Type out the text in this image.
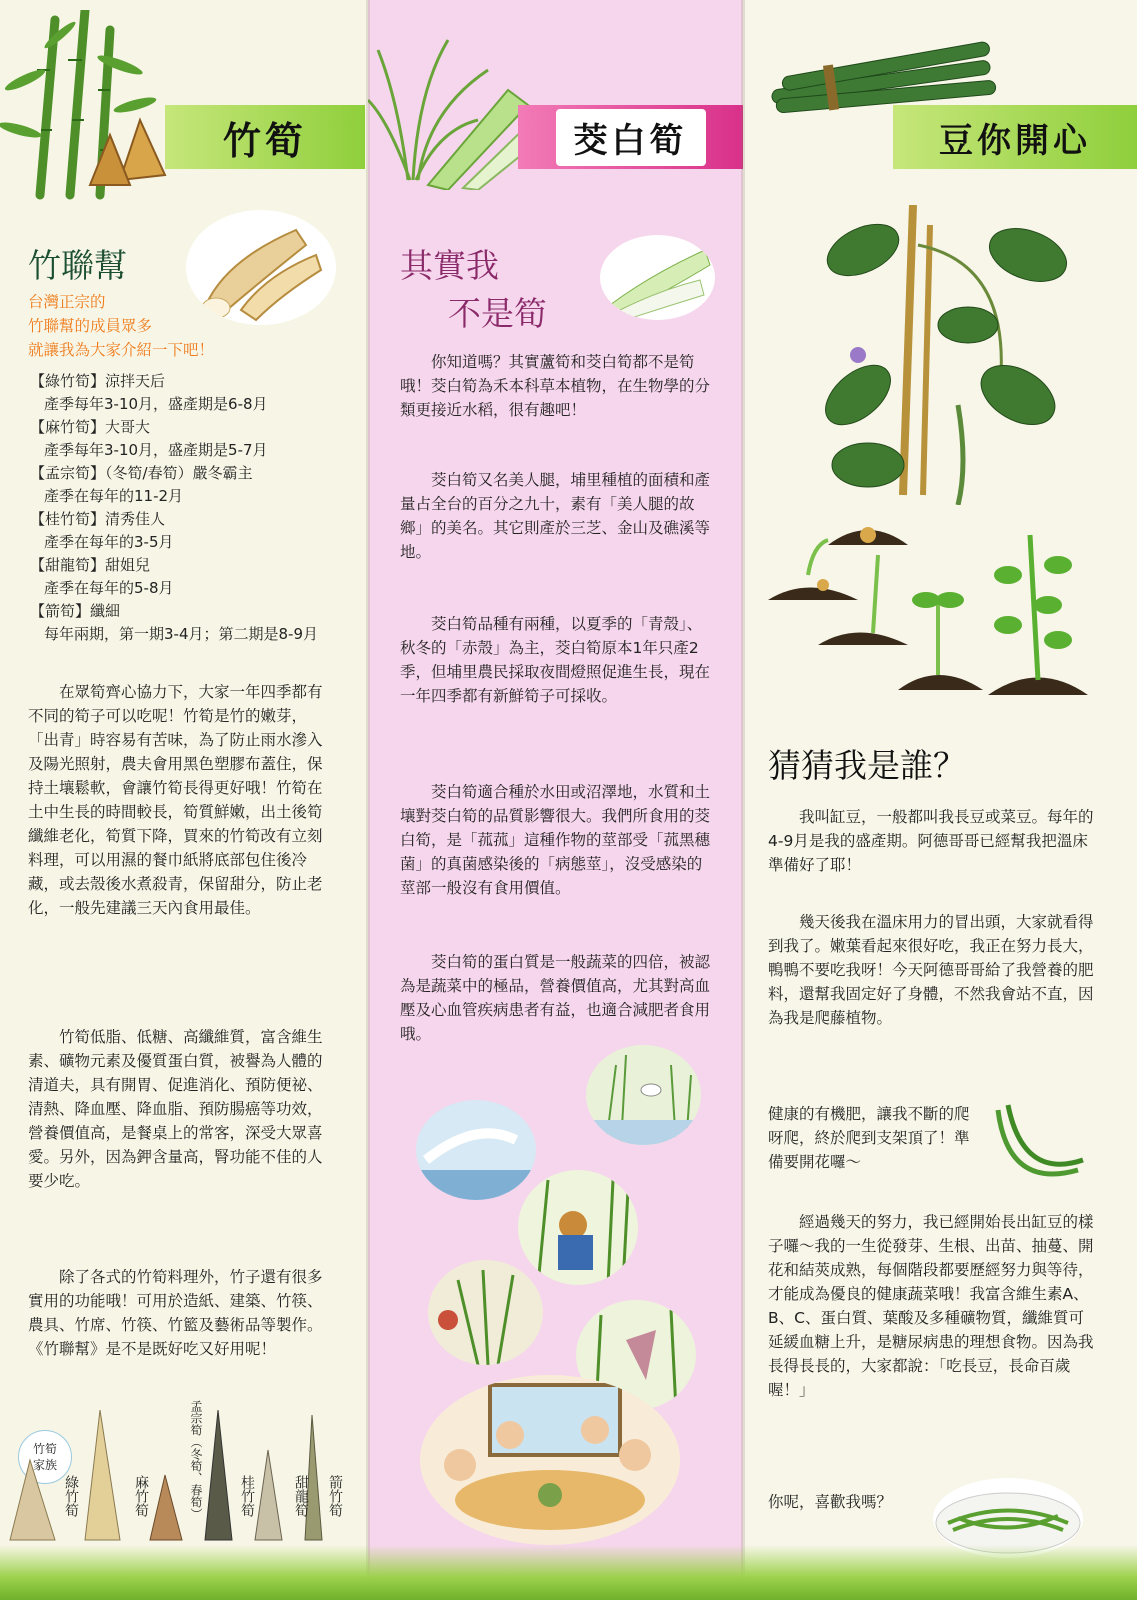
竹筍
竹聯幫
台灣正宗的
竹聯幫的成員眾多
就讓我為大家介紹一下吧！
【綠竹筍】涼拌天后
產季每年3-10月，盛產期是6-8月
【麻竹筍】大哥大
產季每年3-10月，盛產期是5-7月
【孟宗筍】（冬筍/春筍）嚴冬霸主
產季在每年的11-2月
【桂竹筍】清秀佳人
產季在每年的3-5月
【甜龍筍】甜姐兒
產季在每年的5-8月
【箭筍】纖細
每年兩期，第一期3-4月；第二期是8-9月
在眾筍齊心協力下，大家一年四季都有不同的筍子可以吃呢！竹筍是竹的嫩芽，「出青」時容易有苦味，為了防止雨水滲入及陽光照射，農夫會用黑色塑膠布蓋住，保持土壤鬆軟，會讓竹筍長得更好哦！竹筍在土中生長的時間較長，筍質鮮嫩，出土後筍纖維老化，筍質下降，買來的竹筍改有立刻料理，可以用濕的餐巾紙將底部包住後冷藏，或去殼後水煮殺青，保留甜分，防止老化，一般先建議三天內食用最佳。
竹筍低脂、低糖、高纖維質，富含維生素、礦物元素及優質蛋白質，被譽為人體的清道夫，具有開胃、促進消化、預防便祕、清熱、降血壓、降血脂、預防腸癌等功效，營養價值高，是餐桌上的常客，深受大眾喜愛。另外，因為鉀含量高，腎功能不佳的人要少吃。
除了各式的竹筍料理外，竹子還有很多實用的功能哦！可用於造紙、建築、竹筷、農具、竹席、竹筷、竹籃及藝術品等製作。《竹聯幫》是不是既好吃又好用呢！
竹筍家族
綠竹筍	麻竹筍	孟宗筍（冬筍、春筍）	桂竹筍	甜龍筍 箭竹筍
茭白筍
其實我
不是筍
你知道嗎？其實蘆筍和茭白筍都不是筍哦！茭白筍為禾本科草本植物，在生物學的分類更接近水稻，很有趣吧！
茭白筍又名美人腿，埔里種植的面積和產量占全台的百分之九十，素有「美人腿的故鄉」的美名。其它則產於三芝、金山及礁溪等地。
茭白筍品種有兩種，以夏季的「青殼」、秋冬的「赤殼」為主，茭白筍原本1年只產2季，但埔里農民採取夜間燈照促進生長，現在一年四季都有新鮮筍子可採收。
茭白筍適合種於水田或沼澤地，水質和土壤對茭白筍的品質影響很大。我們所食用的茭白筍，是「菰菰」這種作物的莖部受「菰黑穗菌」的真菌感染後的「病態莖」，沒受感染的莖部一般沒有食用價值。
茭白筍的蛋白質是一般蔬菜的四倍，被認為是蔬菜中的極品，營養價值高，尤其對高血壓及心血管疾病患者有益，也適合減肥者食用哦。
豆你開心
猜猜我是誰？
我叫缸豆，一般都叫我長豆或菜豆。每年的4-9月是我的盛產期。阿德哥哥已經幫我把溫床準備好了耶！
幾天後我在溫床用力的冒出頭，大家就看得到我了。嫩葉看起來很好吃，我正在努力長大，鴨鴨不要吃我呀！今天阿德哥哥給了我營養的肥料，還幫我固定好了身體，不然我會站不直，因為我是爬藤植物。
健康的有機肥，讓我不斷的爬呀爬，終於爬到支架頂了！準備要開花囉～
經過幾天的努力，我已經開始長出缸豆的樣子囉～我的一生從發芽、生根、出苗、抽蔓、開花和結莢成熟，每個階段都要歷經努力與等待，才能成為優良的健康蔬菜哦！我富含維生素A、B、C、蛋白質、葉酸及多種礦物質，纖維質可延緩血糖上升，是糖尿病患的理想食物。因為我長得長長的，大家都說：「吃長豆，長命百歲喔！」
你呢，喜歡我嗎？
